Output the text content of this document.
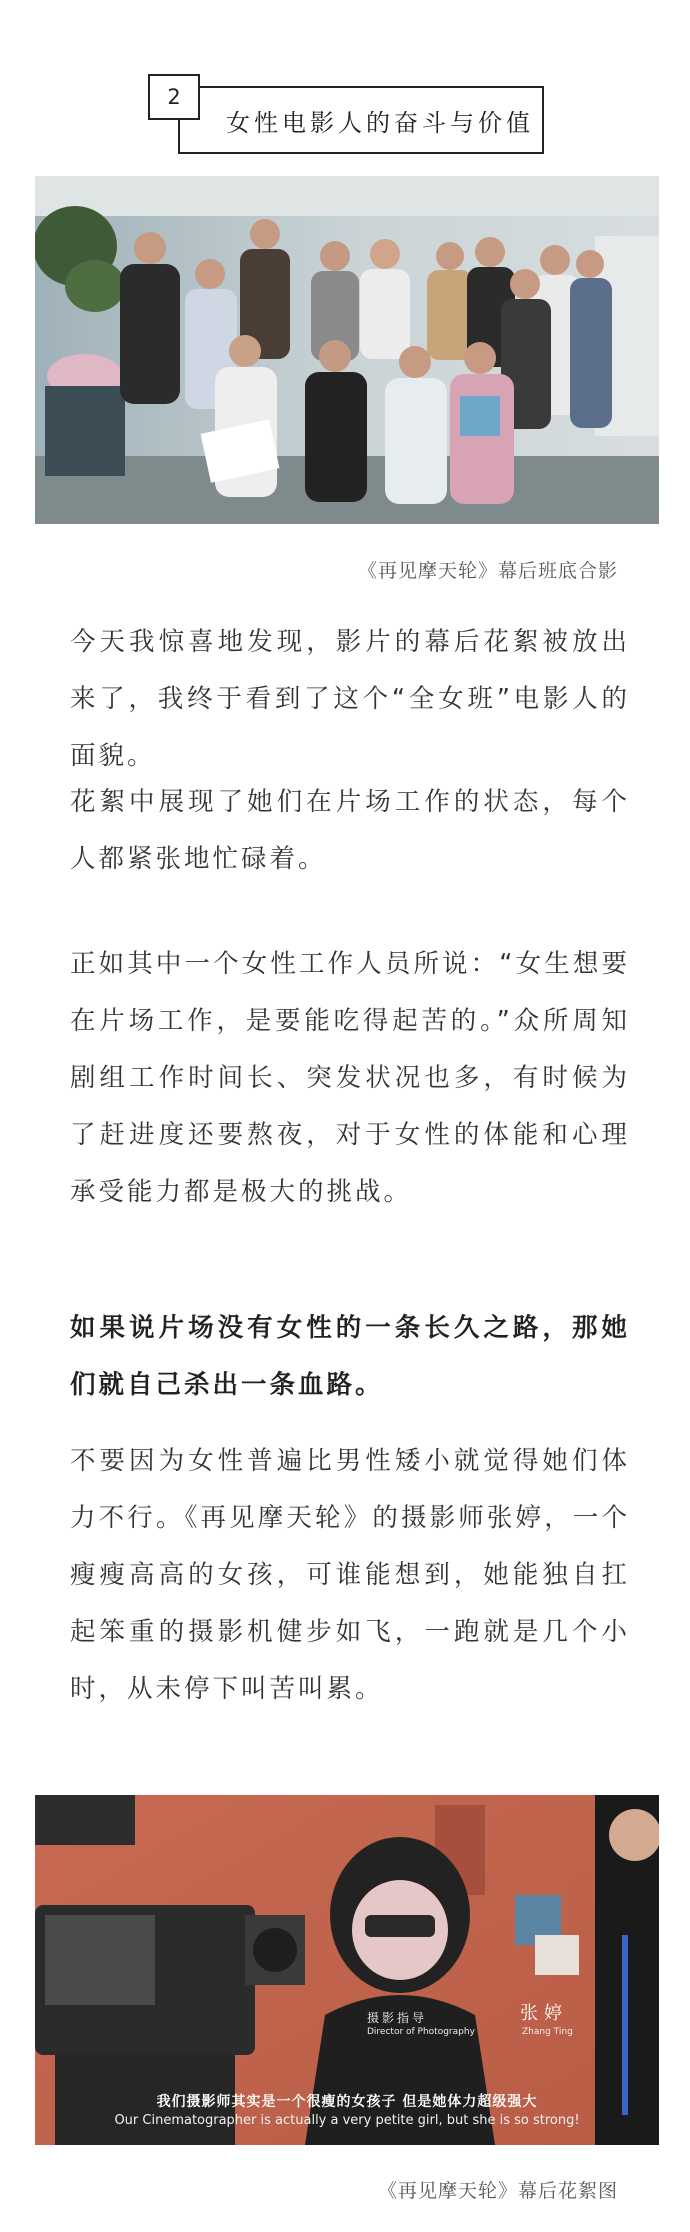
2
女性电影人的奋斗与价值
《再见摩天轮》幕后班底合影

今天我惊喜地发现，影片的幕后花絮被放出来了，我终于看到了这个“全女班”电影人的面貌。

花絮中展现了她们在片场工作的状态，每个人都紧张地忙碌着。

正如其中一个女性工作人员所说：“女生想要在片场工作，是要能吃得起苦的。”众所周知剧组工作时间长、突发状况也多，有时候为了赶进度还要熬夜，对于女性的体能和心理承受能力都是极大的挑战。

如果说片场没有女性的一条长久之路，那她们就自己杀出一条血路。

不要因为女性普遍比男性矮小就觉得她们体力不行。《再见摩天轮》的摄影师张婷，一个瘦瘦高高的女孩，可谁能想到，她能独自扛起笨重的摄影机健步如飞，一跑就是几个小时，从未停下叫苦叫累。

摄影指导	张婷
Director of Photography	Zhang Ting
我们摄影师其实是一个很瘦的女孩子 但是她体力超级强大
Our Cinematographer is actually a very petite girl, but she is so strong!
《再见摩天轮》幕后花絮图
